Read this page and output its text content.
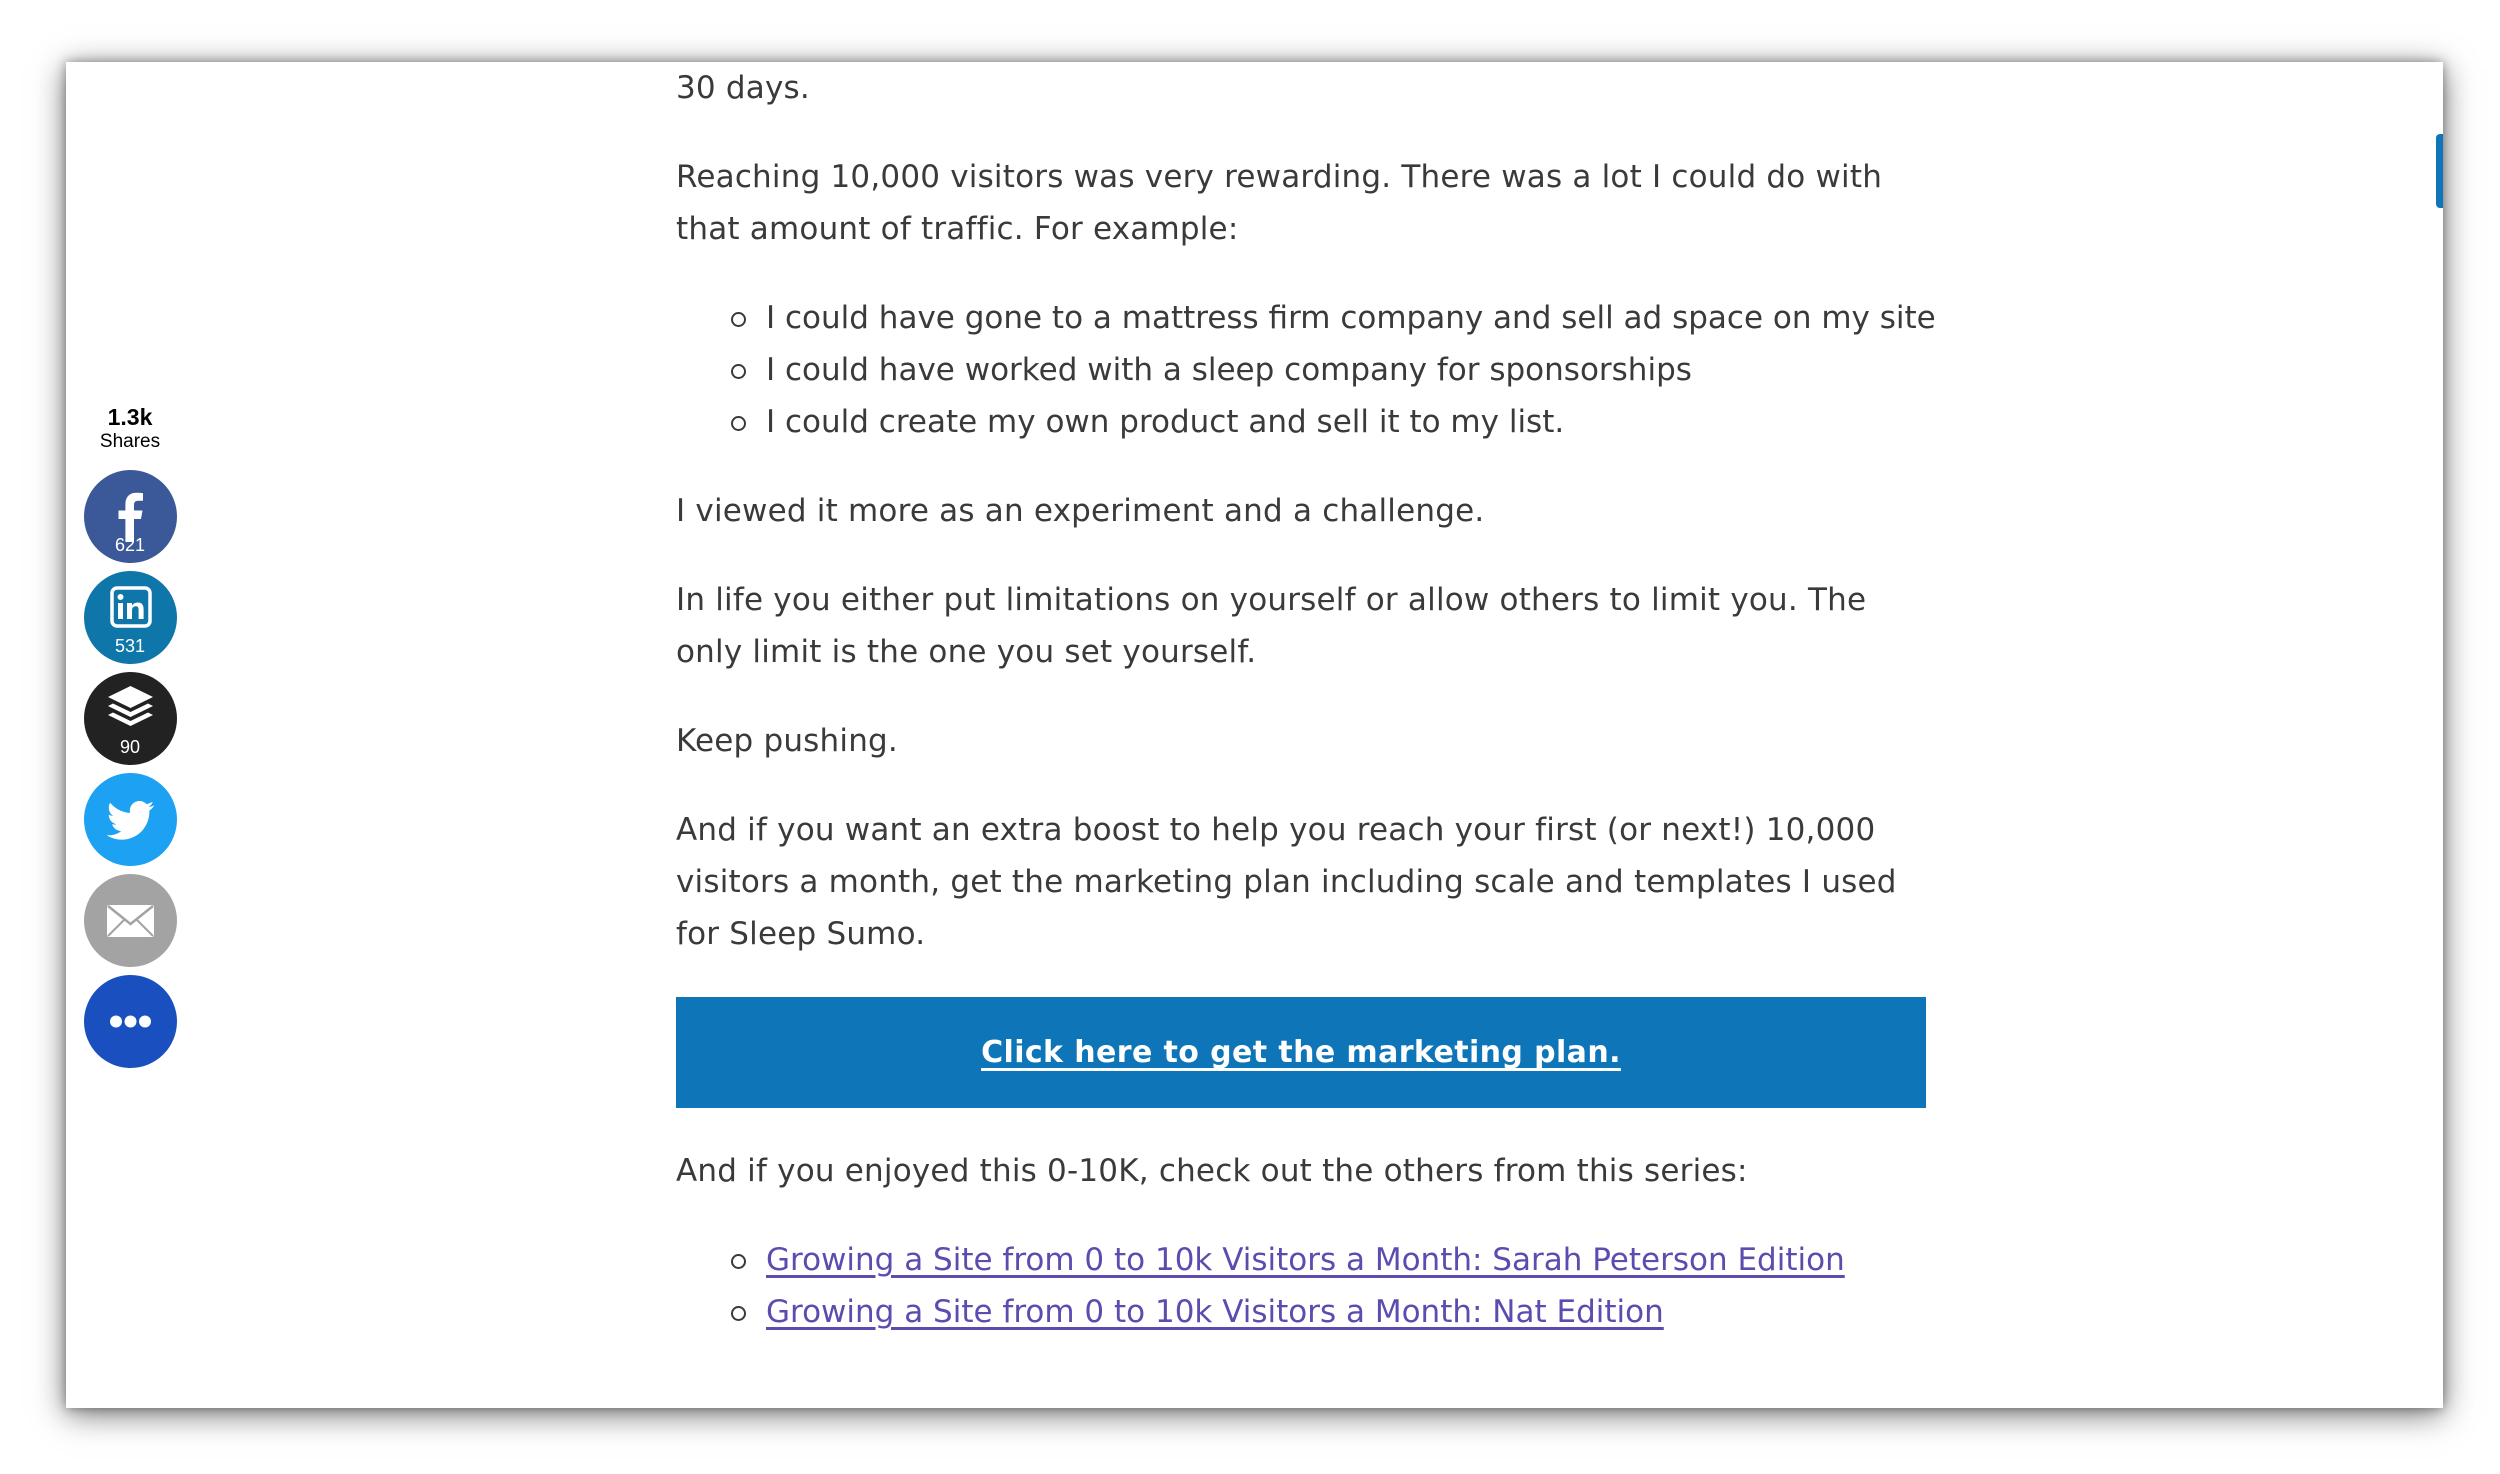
1.3k
Shares
621
531
90

30 days.

Reaching 10,000 visitors was very rewarding. There was a lot I could do with that amount of traffic. For example:

I could have gone to a mattress firm company and sell ad space on my site
I could have worked with a sleep company for sponsorships
I could create my own product and sell it to my list.

I viewed it more as an experiment and a challenge.

In life you either put limitations on yourself or allow others to limit you. The only limit is the one you set yourself.

Keep pushing.

And if you want an extra boost to help you reach your first (or next!) 10,000 visitors a month, get the marketing plan including scale and templates I used for Sleep Sumo.

Click here to get the marketing plan.

And if you enjoyed this 0-10K, check out the others from this series:

Growing a Site from 0 to 10k Visitors a Month: Sarah Peterson Edition
Growing a Site from 0 to 10k Visitors a Month: Nat Edition
